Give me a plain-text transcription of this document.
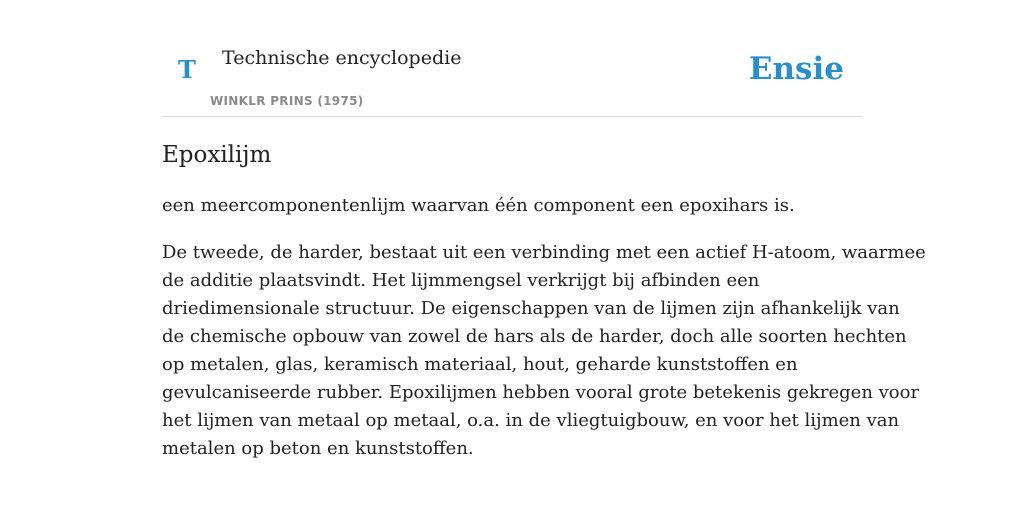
T Technische encyclopedie
WINKLR PRINS (1975)
Ensie
Epoxilijm

een meercomponentenlijm waarvan één component een epoxihars is.

De tweede, de harder, bestaat uit een verbinding met een actief H-atoom, waarmee
de additie plaatsvindt. Het lijmmengsel verkrijgt bij afbinden een
driedimensionale structuur. De eigenschappen van de lijmen zijn afhankelijk van
de chemische opbouw van zowel de hars als de harder, doch alle soorten hechten
op metalen, glas, keramisch materiaal, hout, geharde kunststoffen en
gevulcaniseerde rubber. Epoxilijmen hebben vooral grote betekenis gekregen voor
het lijmen van metaal op metaal, o.a. in de vliegtuigbouw, en voor het lijmen van
metalen op beton en kunststoffen.
